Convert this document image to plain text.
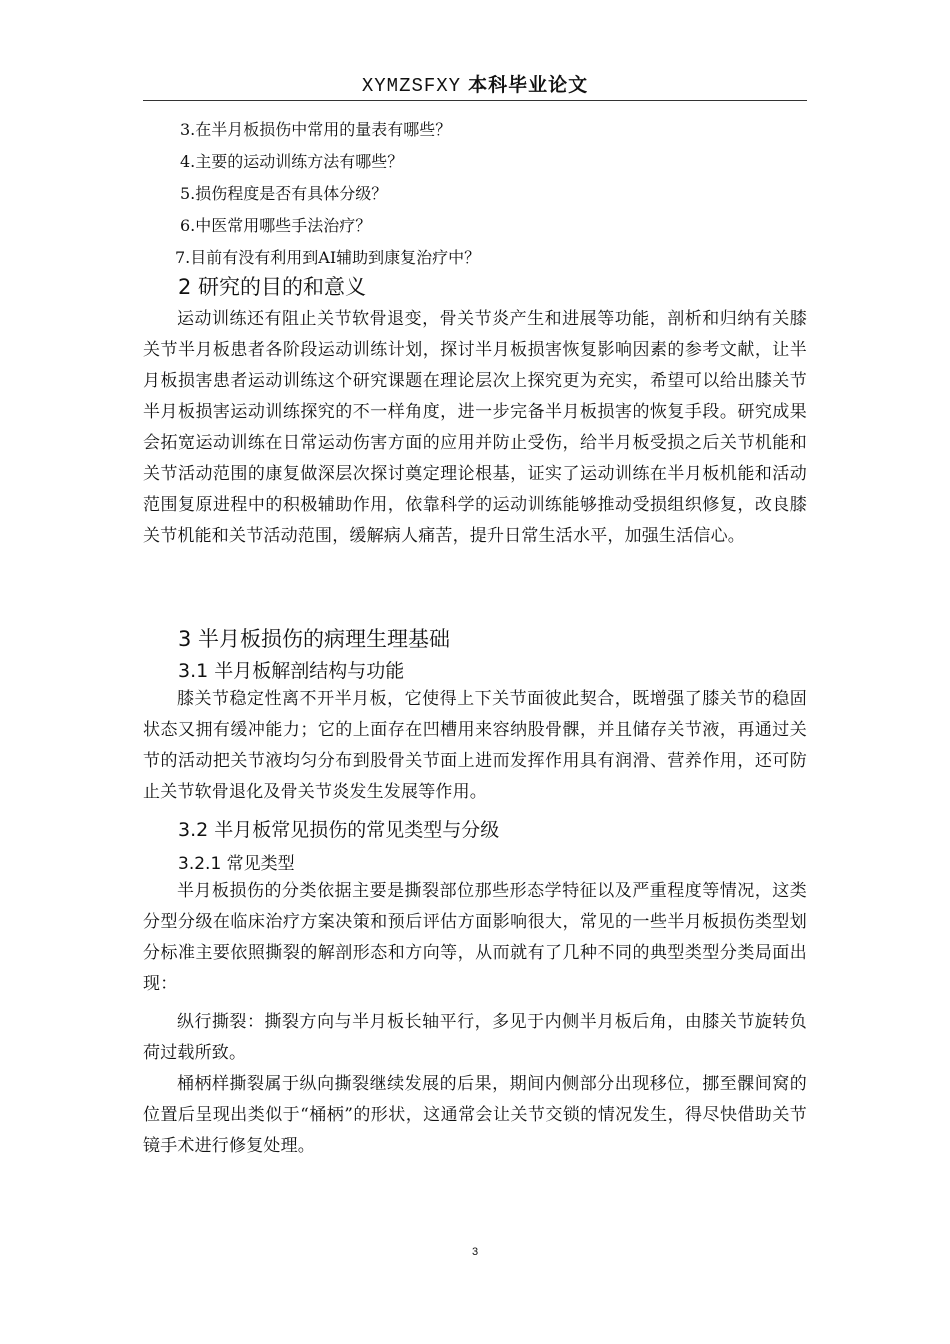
XYMZSFXY 本科毕业论文
3.在半月板损伤中常用的量表有哪些？
4.主要的运动训练方法有哪些？
5.损伤程度是否有具体分级？
6.中医常用哪些手法治疗？
7.目前有没有利用到AI辅助到康复治疗中？
2 研究的目的和意义

运动训练还有阻止关节软骨退变，骨关节炎产生和进展等功能，剖析和归纳有关膝关节半月板患者各阶段运动训练计划，探讨半月板损害恢复影响因素的参考文献，让半月板损害患者运动训练这个研究课题在理论层次上探究更为充实，希望可以给出膝关节半月板损害运动训练探究的不一样角度，进一步完备半月板损害的恢复手段。研究成果会拓宽运动训练在日常运动伤害方面的应用并防止受伤，给半月板受损之后关节机能和关节活动范围的康复做深层次探讨奠定理论根基，证实了运动训练在半月板机能和活动范围复原进程中的积极辅助作用，依靠科学的运动训练能够推动受损组织修复，改良膝关节机能和关节活动范围，缓解病人痛苦，提升日常生活水平，加强生活信心。

3 半月板损伤的病理生理基础
3.1 半月板解剖结构与功能

膝关节稳定性离不开半月板，它使得上下关节面彼此契合，既增强了膝关节的稳固状态又拥有缓冲能力；它的上面存在凹槽用来容纳股骨髁，并且储存关节液，再通过关节的活动把关节液均匀分布到股骨关节面上进而发挥作用具有润滑、营养作用，还可防止关节软骨退化及骨关节炎发生发展等作用。

3.2 半月板常见损伤的常见类型与分级
3.2.1 常见类型

半月板损伤的分类依据主要是撕裂部位那些形态学特征以及严重程度等情况，这类分型分级在临床治疗方案决策和预后评估方面影响很大，常见的一些半月板损伤类型划分标准主要依照撕裂的解剖形态和方向等，从而就有了几种不同的典型类型分类局面出现：

纵行撕裂：撕裂方向与半月板长轴平行，多见于内侧半月板后角，由膝关节旋转负荷过载所致。

桶柄样撕裂属于纵向撕裂继续发展的后果，期间内侧部分出现移位，挪至髁间窝的位置后呈现出类似于“桶柄”的形状，这通常会让关节交锁的情况发生，得尽快借助关节镜手术进行修复处理。

3
